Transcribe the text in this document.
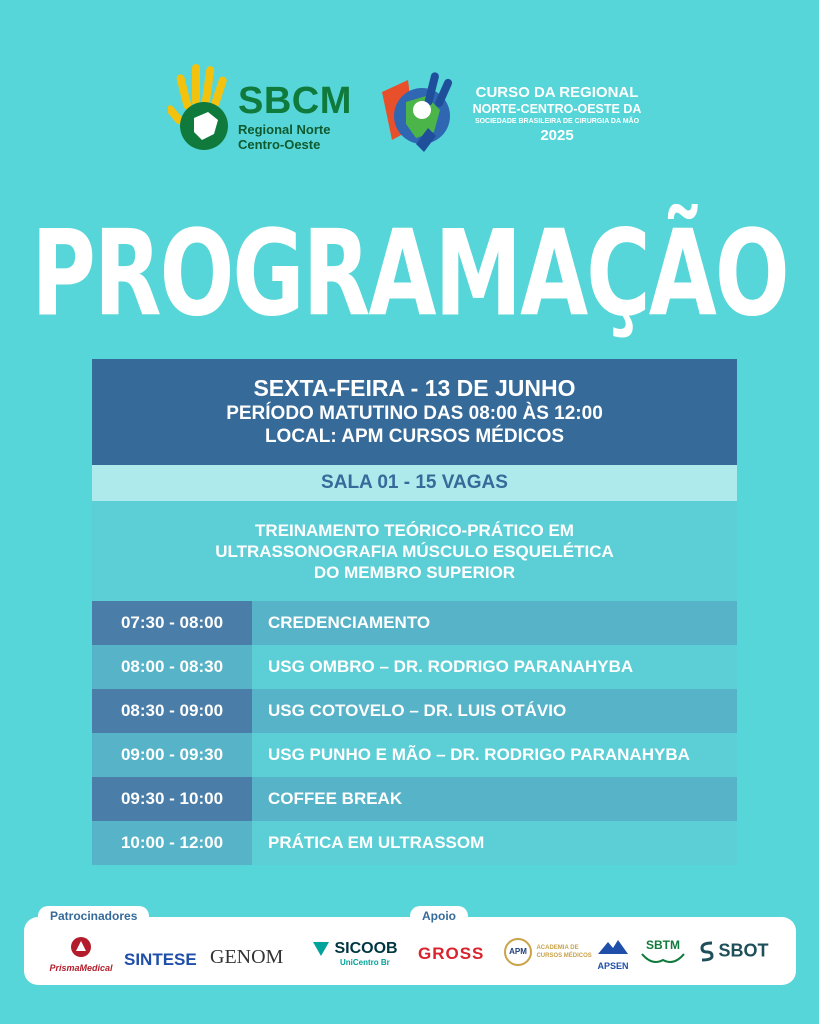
SBCM
Regional Norte
Centro-Oeste
CURSO DA REGIONAL
NORTE-CENTRO-OESTE DA
SOCIEDADE BRASILEIRA DE CIRURGIA DA MÃO
2025
PROGRAMAÇÃO
SEXTA-FEIRA - 13 DE JUNHO
PERÍODO MATUTINO DAS 08:00 ÀS 12:00
LOCAL: APM CURSOS MÉDICOS
SALA 01 - 15 VAGAS
TREINAMENTO TEÓRICO-PRÁTICO EM
ULTRASSONOGRAFIA MÚSCULO ESQUELÉTICA
DO MEMBRO SUPERIOR
07:30 - 08:00	CREDENCIAMENTO
08:00 - 08:30	USG OMBRO – DR. RODRIGO PARANAHYBA
08:30 - 09:00	USG COTOVELO – DR. LUIS OTÁVIO
09:00 - 09:30	USG PUNHO E MÃO – DR. RODRIGO PARANAHYBA
09:30 - 10:00	COFFEE BREAK
10:00 - 12:00	PRÁTICA EM ULTRASSOM
Patrocinadores	Apoio
PrismaMedical SINTESE GENOM	SICOOB
UniCentro Br	GROSS	APM ACADEMIA DE CURSOS MÉDICOS
APSEN
SBTM	SBOT
